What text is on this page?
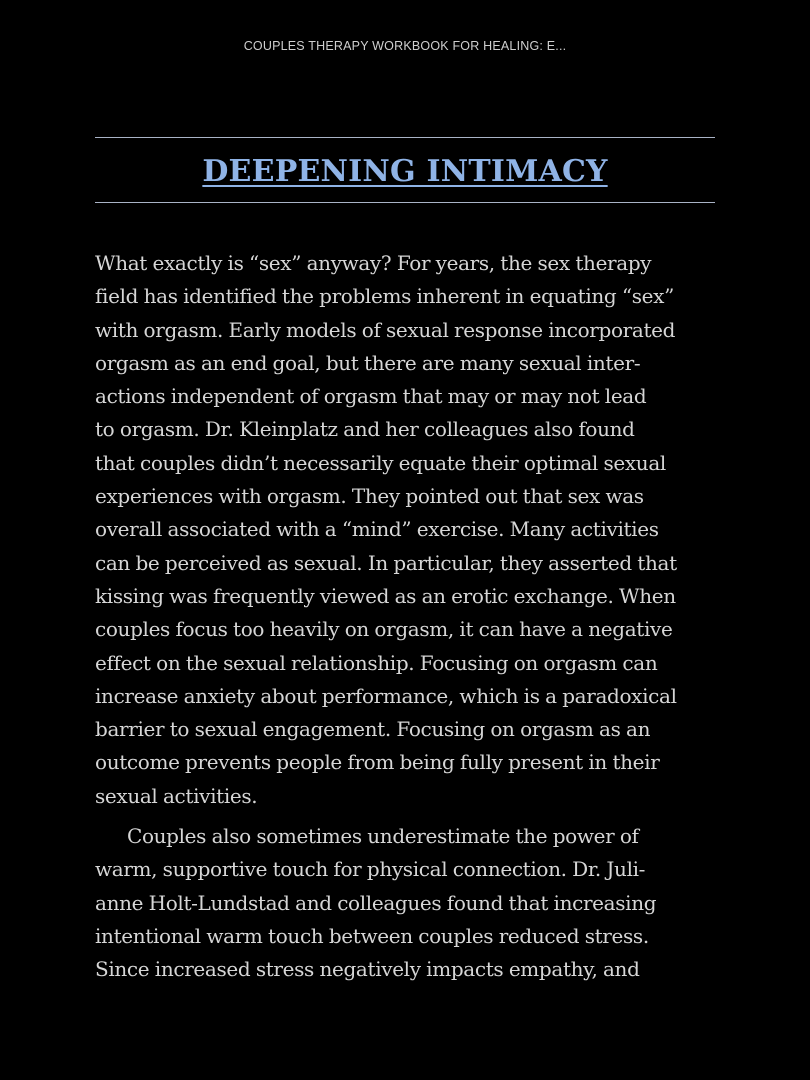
COUPLES THERAPY WORKBOOK FOR HEALING: E...
DEEPENING INTIMACY

What exactly is “sex” anyway? For years, the sex therapy
field has identified the problems inherent in equating “sex”
with orgasm. Early models of sexual response incorporated
orgasm as an end goal, but there are many sexual inter-
actions independent of orgasm that may or may not lead
to orgasm. Dr. Kleinplatz and her colleagues also found
that couples didn’t necessarily equate their optimal sexual
experiences with orgasm. They pointed out that sex was
overall associated with a “mind” exercise. Many activities
can be perceived as sexual. In particular, they asserted that
kissing was frequently viewed as an erotic exchange. When
couples focus too heavily on orgasm, it can have a negative
effect on the sexual relationship. Focusing on orgasm can
increase anxiety about performance, which is a paradoxical
barrier to sexual engagement. Focusing on orgasm as an
outcome prevents people from being fully present in their
sexual activities.

Couples also sometimes underestimate the power of
warm, supportive touch for physical connection. Dr. Juli-
anne Holt-Lundstad and colleagues found that increasing
intentional warm touch between couples reduced stress.
Since increased stress negatively impacts empathy, and
